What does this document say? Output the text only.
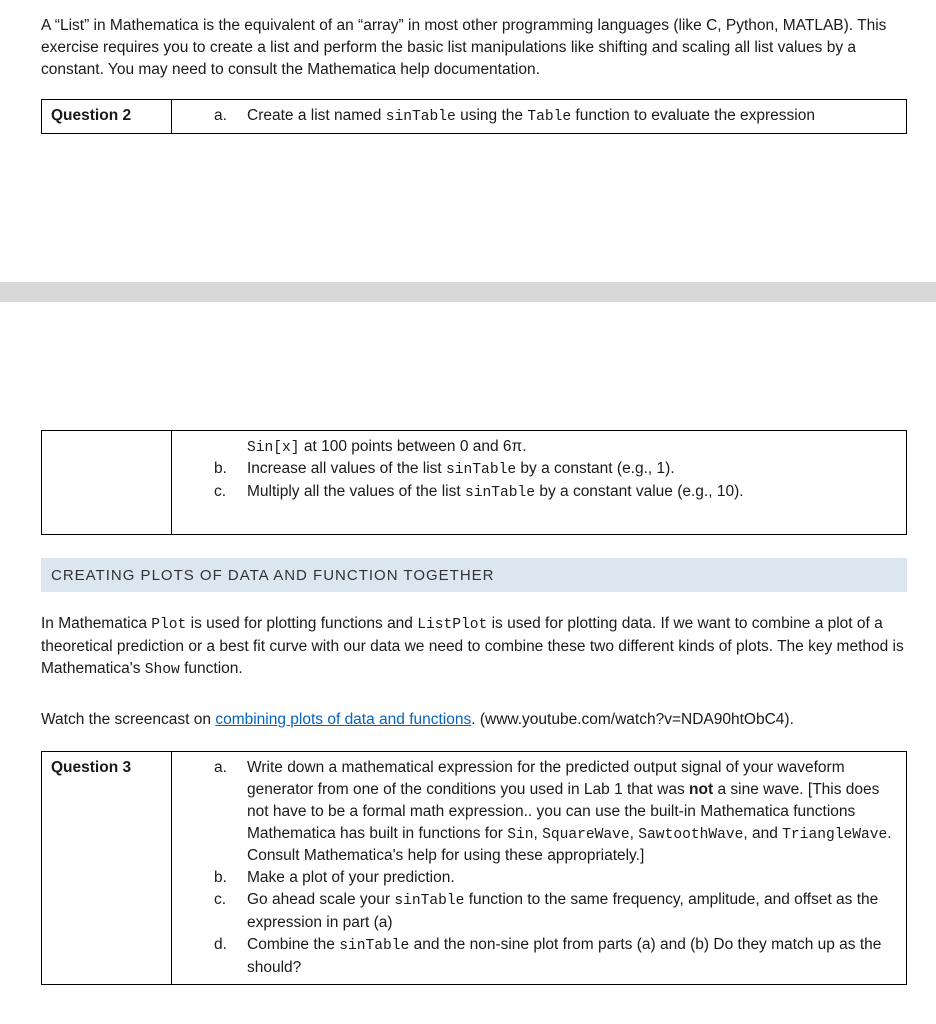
A “List” in Mathematica is the equivalent of an “array” in most other programming languages (like C, Python, MATLAB). This exercise requires you to create a list and perform the basic list manipulations like shifting and scaling all list values by a constant. You may need to consult the Mathematica help documentation.
Question 2	a.	Create a list named sinTable using the Table function to evaluate the expression
Sin[x] at 100 points between 0 and 6π.
b.	Increase all values of the list sinTable by a constant (e.g., 1).
c.	Multiply all the values of the list sinTable by a constant value (e.g., 10).
CREATING PLOTS OF DATA AND FUNCTION TOGETHER
In Mathematica Plot is used for plotting functions and ListPlot is used for plotting data. If we want to combine a plot of a theoretical prediction or a best fit curve with our data we need to combine these two different kinds of plots. The key method is Mathematica's Show function.
Watch the screencast on combining plots of data and functions. (www.youtube.com/watch?v=NDA90htObC4).
Question 3	a.	Write down a mathematical expression for the predicted output signal of your waveform generator from one of the conditions you used in Lab 1 that was not a sine wave. [This does not have to be a formal math expression.. you can use the built-in Mathematica functions Mathematica has built in functions for Sin, SquareWave, SawtoothWave, and TriangleWave. Consult Mathematica's help for using these appropriately.]
b.	Make a plot of your prediction.
c.	Go ahead scale your sinTable function to the same frequency, amplitude, and offset as the expression in part (a)
d.	Combine the sinTable and the non-sine plot from parts (a) and (b) Do they match up as the should?
